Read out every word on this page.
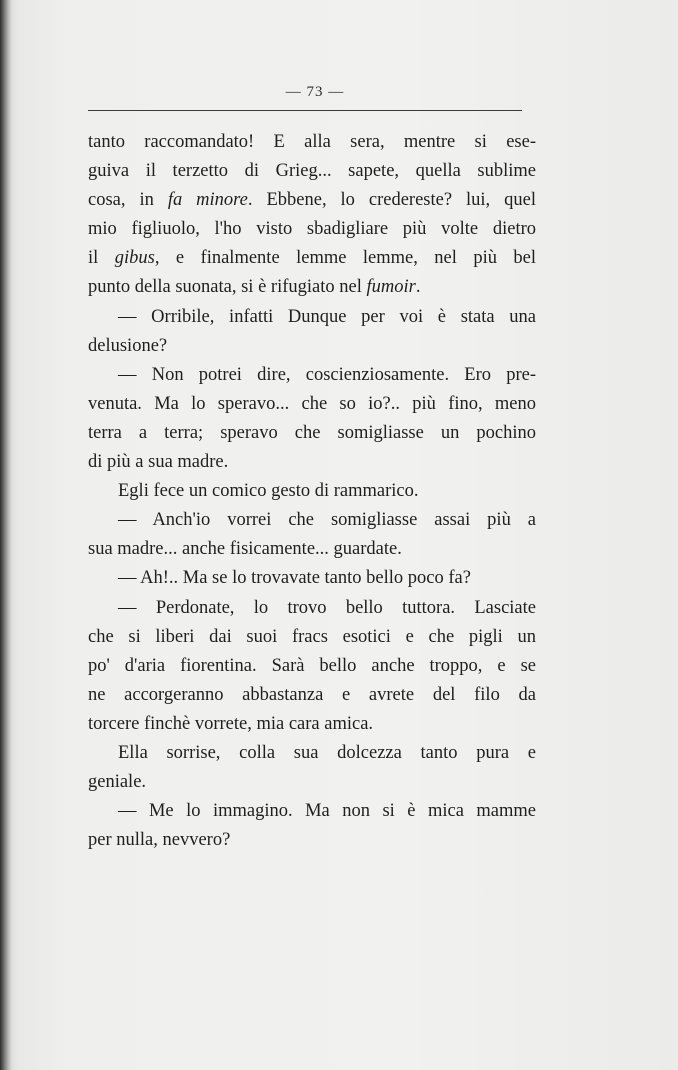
— 73 —
tanto raccomandato! E alla sera, mentre si ese-
guiva il terzetto di Grieg... sapete, quella sublime
cosa, in fa minore. Ebbene, lo credereste? lui, quel
mio figliuolo, l'ho visto sbadigliare più volte dietro
il gibus, e finalmente lemme lemme, nel più bel
punto della suonata, si è rifugiato nel fumoir.
— Orribile, infatti Dunque per voi è stata una
delusione?
— Non potrei dire, coscienziosamente. Ero pre-
venuta. Ma lo speravo... che so io?.. più fino, meno
terra a terra; speravo che somigliasse un pochino
di più a sua madre.
Egli fece un comico gesto di rammarico.
— Anch'io vorrei che somigliasse assai più a
sua madre... anche fisicamente... guardate.
— Ah!.. Ma se lo trovavate tanto bello poco fa?
— Perdonate, lo trovo bello tuttora. Lasciate
che si liberi dai suoi fracs esotici e che pigli un
po' d'aria fiorentina. Sarà bello anche troppo, e se
ne accorgeranno abbastanza e avrete del filo da
torcere finchè vorrete, mia cara amica.
Ella sorrise, colla sua dolcezza tanto pura e
geniale.
— Me lo immagino. Ma non si è mica mamme
per nulla, nevvero?
